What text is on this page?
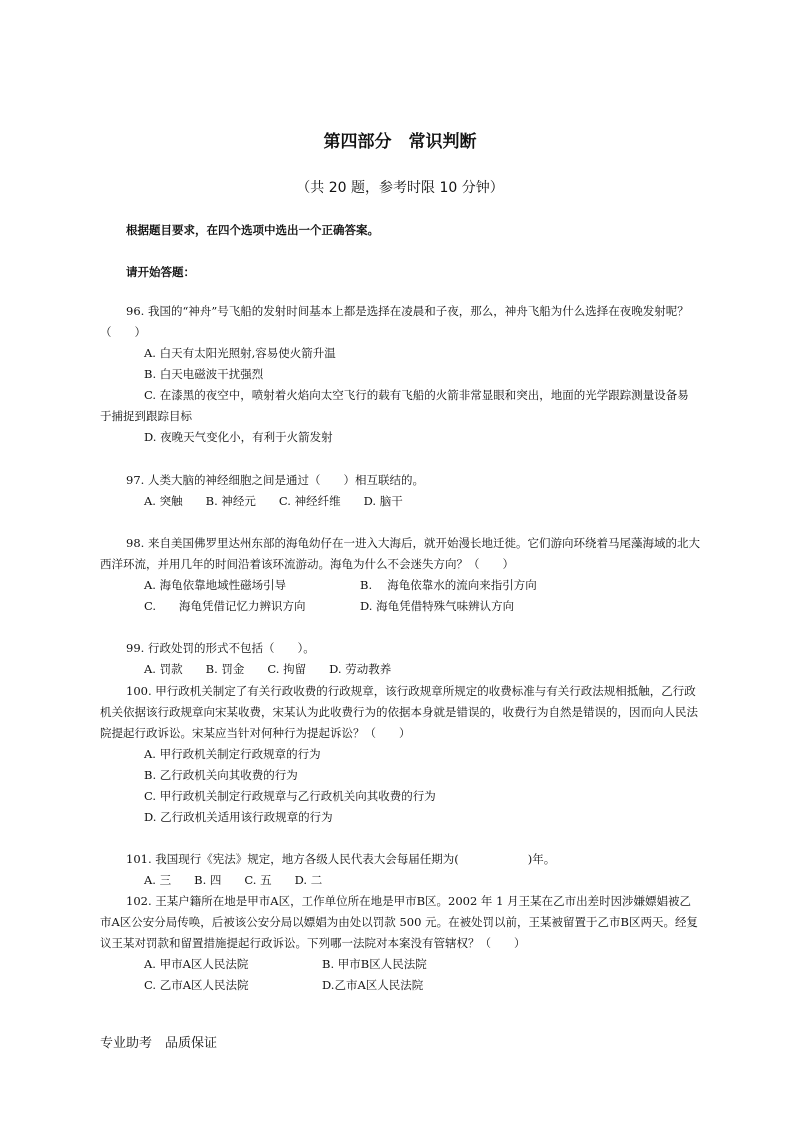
第四部分　常识判断
（共 20 题，参考时限 10 分钟）
根据题目要求，在四个选项中选出一个正确答案。
请开始答题：

96. 我国的“神舟”号飞船的发射时间基本上都是选择在凌晨和子夜，那么，神舟飞船为什么选择在夜晚发射呢？（　　）

A. 白天有太阳光照射,容易使火箭升温

B. 白天电磁波干扰强烈

C. 在漆黑的夜空中，喷射着火焰向太空飞行的载有飞船的火箭非常显眼和突出，地面的光学跟踪测量设备易于捕捉到跟踪目标

D. 夜晚天气变化小，有利于火箭发射

97. 人类大脑的神经细胞之间是通过（　　）相互联结的。

A. 突触　　B. 神经元　　C. 神经纤维　　D. 脑干

98. 来自美国佛罗里达州东部的海龟幼仔在一进入大海后，就开始漫长地迁徙。它们游向环绕着马尾藻海域的北大西洋环流，并用几年的时间沿着该环流游动。海龟为什么不会迷失方向？（　　）

A. 海龟依靠地域性磁场引导	B.　 海龟依靠水的流向来指引方向
C.　　海龟凭借记忆力辨识方向	D. 海龟凭借特殊气味辨认方向

99. 行政处罚的形式不包括（　　）。

A. 罚款　　B. 罚金　　C. 拘留　　D. 劳动教养

100. 甲行政机关制定了有关行政收费的行政规章，该行政规章所规定的收费标准与有关行政法规相抵触，乙行政机关依据该行政规章向宋某收费，宋某认为此收费行为的依据本身就是错误的，收费行为自然是错误的，因而向人民法院提起行政诉讼。宋某应当针对何种行为提起诉讼？（　　）

A. 甲行政机关制定行政规章的行为

B. 乙行政机关向其收费的行为

C. 甲行政机关制定行政规章与乙行政机关向其收费的行为

D. 乙行政机关适用该行政规章的行为

101. 我国现行《宪法》规定，地方各级人民代表大会每届任期为(　　　　　　)年。

A. 三　　B. 四　　C. 五　　D. 二

102. 王某户籍所在地是甲市A区，工作单位所在地是甲市B区。2002 年 1 月王某在乙市出差时因涉嫌嫖娼被乙市A区公安分局传唤，后被该公安分局以嫖娼为由处以罚款 500 元。在被处罚以前，王某被留置于乙市B区两天。经复议王某对罚款和留置措施提起行政诉讼。下列哪一法院对本案没有管辖权？（　　）

A. 甲市A区人民法院	B. 甲市B区人民法院
C. 乙市A区人民法院	D.乙市A区人民法院
专业助考　品质保证
